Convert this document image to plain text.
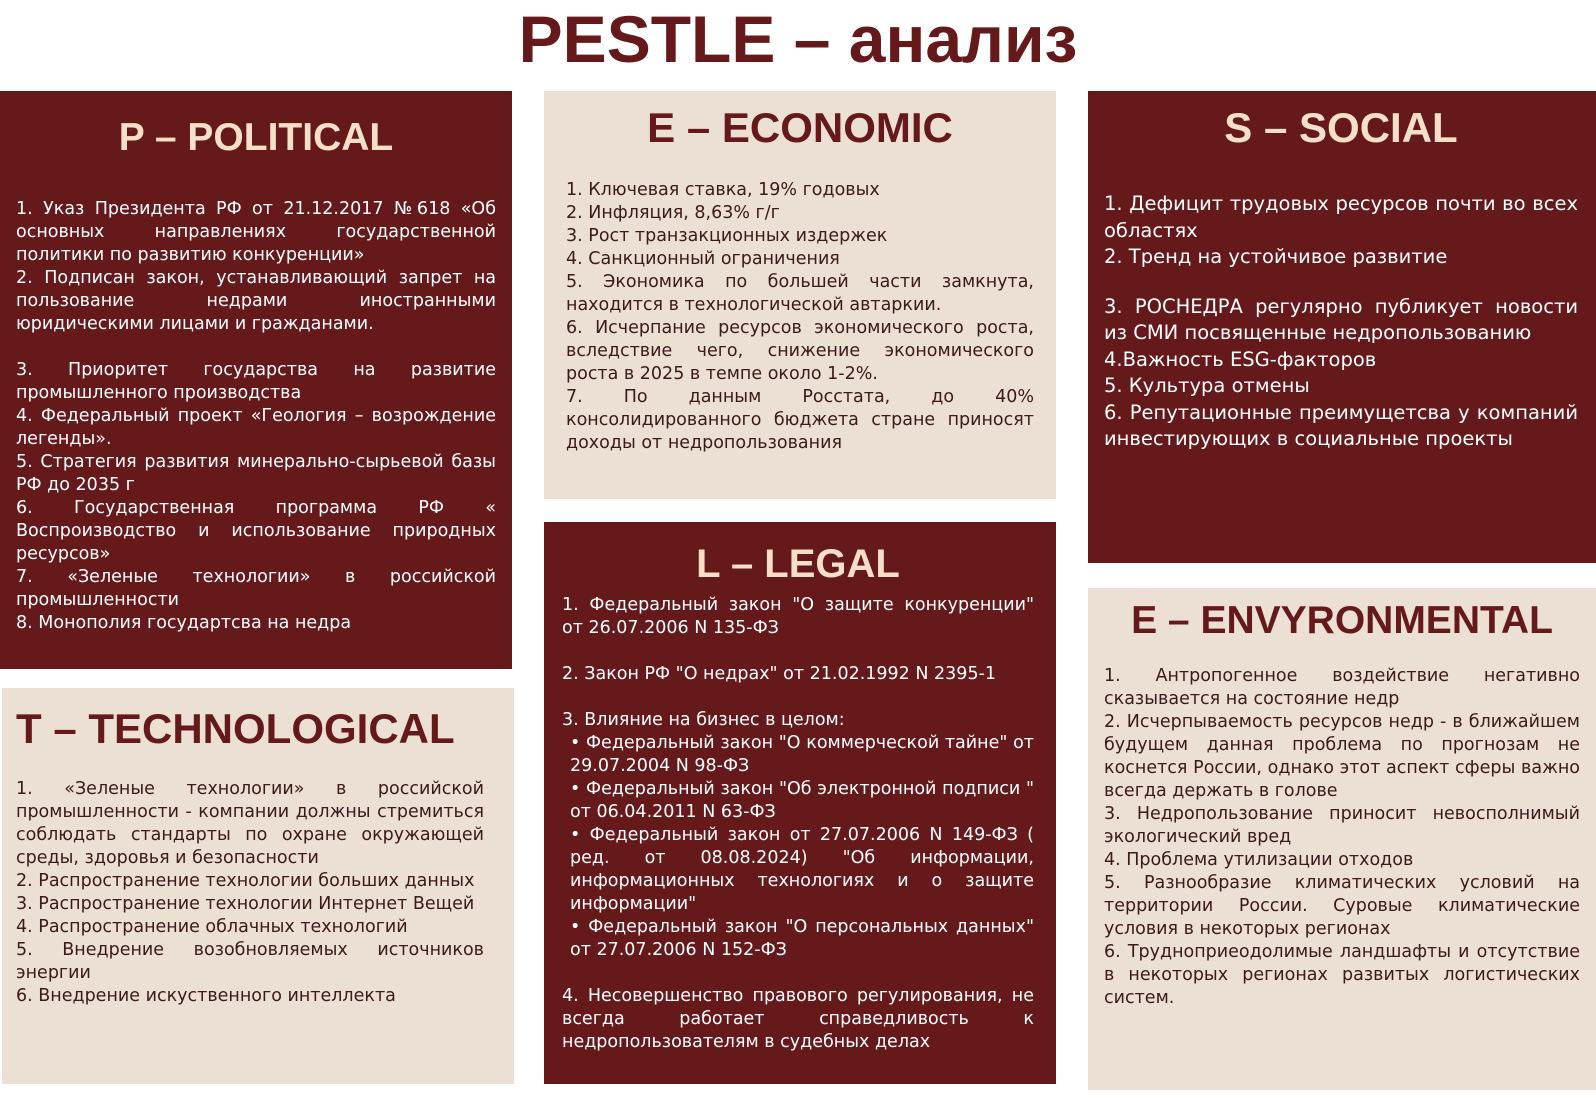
PESTLE – анализ
P – POLITICAL
1. Указ Президента РФ от 21.12.2017 №618 «Об основных направлениях государственной политики по развитию конкуренции»
2. Подписан закон, устанавливающий запрет на пользование недрами иностранными юридическими лицами и гражданами.
3. Приоритет государства на развитие промышленного производства
4. Федеральный проект «Геология – возрождение легенды».
5. Стратегия развития минерально-сырьевой базы РФ до 2035 г
6. Государственная программа РФ « Воспроизводство и использование природных ресурсов»
7. «Зеленые технологии» в российской промышленности
8. Монополия государтсва на недра
E – ECONOMIC
1. Ключевая ставка, 19% годовых
2. Инфляция, 8,63% г/г
3. Рост транзакционных издержек
4. Санкционный ограничения
5. Экономика по большей части замкнута, находится в технологической автаркии.
6. Исчерпание ресурсов экономического роста, вследствие чего, снижение экономического роста в 2025 в темпе около 1-2%.
7. По данным Росстата, до 40% консолидированного бюджета стране приносят доходы от недропользования
S – SOCIAL
1. Дефицит трудовых ресурсов почти во всех областях
2. Тренд на устойчивое развитие
3. РОСНЕДРА регулярно публикует новости из СМИ посвященные недропользованию
4.Важность ESG-факторов
5. Культура отмены
6. Репутационные преимущетсва у компаний инвестирующих в социальные проекты
T – TECHNOLOGICAL
1. «Зеленые технологии» в российской промышленности - компании должны стремиться соблюдать стандарты по охране окружающей среды, здоровья и безопасности
2. Распространение технологии больших данных
3. Распространение технологии Интернет Вещей
4. Распространение облачных технологий
5. Внедрение возобновляемых источников энергии
6. Внедрение искуственного интеллекта
L – LEGAL
1. Федеральный закон "О защите конкуренции" от 26.07.2006 N 135-ФЗ
2. Закон РФ "О недрах" от 21.02.1992 N 2395-1
3. Влияние на бизнес в целом:
• Федеральный закон "О коммерческой тайне" от 29.07.2004 N 98-ФЗ
• Федеральный закон "Об электронной подписи " от 06.04.2011 N 63-ФЗ
• Федеральный закон от 27.07.2006 N 149-ФЗ ( ред. от 08.08.2024) "Об информации, информационных технологиях и о защите информации"
• Федеральный закон "О персональных данных" от 27.07.2006 N 152-ФЗ
4. Несовершенство правового регулирования, не всегда работает справедливость к недропользователям в судебных делах
E – ENVYRONMENTAL
1. Антропогенное воздействие негативно сказывается на состояние недр
2. Исчерпываемость ресурсов недр - в ближайшем будущем данная проблема по прогнозам не коснется России, однако этот аспект сферы важно всегда держать в голове
3. Недропользование приносит невосполнимый экологический вред
4. Проблема утилизации отходов
5. Разнообразие климатических условий на территории России. Суровые климатические условия в некоторых регионах
6. Труднoприеодолимые ландшафты и отсутствие в некоторых регионах развитых логистических систем.
